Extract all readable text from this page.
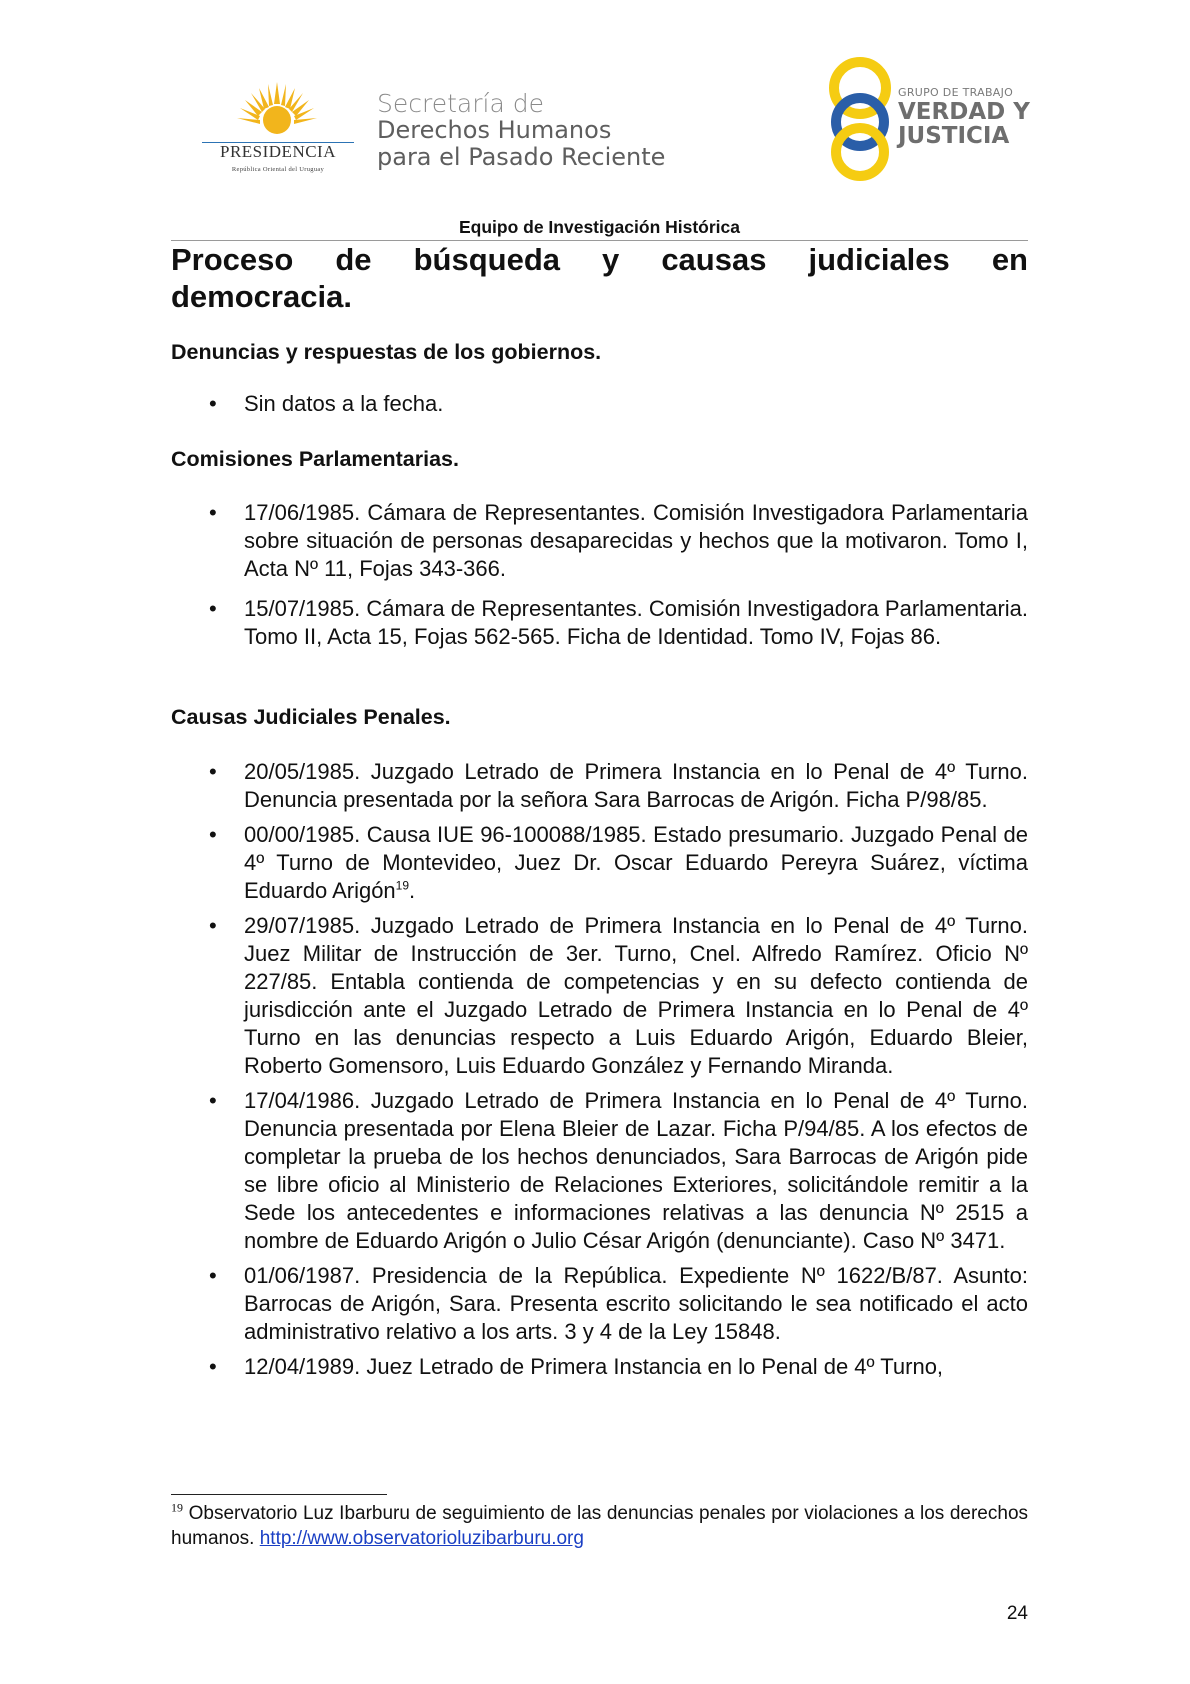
PRESIDENCIA
República Oriental del Uruguay
Secretaría de
Derechos Humanos
para el Pasado Reciente
GRUPO DE TRABAJO
VERDAD Y
JUSTICIA
Equipo de Investigación Histórica
Proceso de búsqueda y causas judiciales en
democracia.
Denuncias y respuestas de los gobiernos.
• Sin datos a la fecha.
Comisiones Parlamentarias.
• 17/06/1985. Cámara de Representantes. Comisión Investigadora Parlamentaria sobre situación de personas desaparecidas y hechos que la motivaron. Tomo I, Acta Nº 11, Fojas 343-366.
• 15/07/1985. Cámara de Representantes. Comisión Investigadora Parlamentaria. Tomo II, Acta 15, Fojas 562-565. Ficha de Identidad. Tomo IV, Fojas 86.
Causas Judiciales Penales.
• 20/05/1985. Juzgado Letrado de Primera Instancia en lo Penal de 4º Turno. Denuncia presentada por la señora Sara Barrocas de Arigón. Ficha P/98/85.
• 00/00/1985. Causa IUE 96-100088/1985. Estado presumario. Juzgado Penal de 4º Turno de Montevideo, Juez Dr. Oscar Eduardo Pereyra Suárez, víctima Eduardo Arigón$^{19}$.
• 29/07/1985. Juzgado Letrado de Primera Instancia en lo Penal de 4º Turno. Juez Militar de Instrucción de 3er. Turno, Cnel. Alfredo Ramírez. Oficio Nº 227/85. Entabla contienda de competencias y en su defecto contienda de jurisdicción ante el Juzgado Letrado de Primera Instancia en lo Penal de 4º Turno en las denuncias respecto a Luis Eduardo Arigón, Eduardo Bleier, Roberto Gomensoro, Luis Eduardo González y Fernando Miranda.
• 17/04/1986. Juzgado Letrado de Primera Instancia en lo Penal de 4º Turno. Denuncia presentada por Elena Bleier de Lazar. Ficha P/94/85. A los efectos de completar la prueba de los hechos denunciados, Sara Barrocas de Arigón pide se libre oficio al Ministerio de Relaciones Exteriores, solicitándole remitir a la Sede los antecedentes e informaciones relativas a las denuncia Nº 2515 a nombre de Eduardo Arigón o Julio César Arigón (denunciante). Caso Nº 3471.
• 01/06/1987. Presidencia de la República. Expediente Nº 1622/B/87. Asunto: Barrocas de Arigón, Sara. Presenta escrito solicitando le sea notificado el acto administrativo relativo a los arts. 3 y 4 de la Ley 15848.
• 12/04/1989. Juez Letrado de Primera Instancia en lo Penal de 4º Turno,

$^{19}$ Observatorio Luz Ibarburu de seguimiento de las denuncias penales por violaciones a los derechos humanos. http://www.observatorioluzibarburu.org

24
